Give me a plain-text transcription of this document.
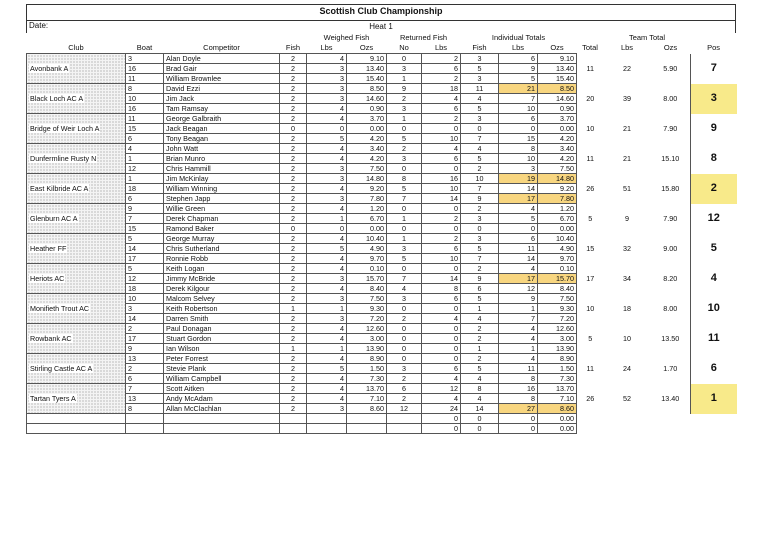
Scottish Club Championship
Heat 1
Date:
				Weighed Fish		Returned Fish		Individual Totals				Team Total		
Club	Boat	Competitor	Fish	Lbs	Ozs	No	Lbs	Fish	Lbs	Ozs	Total	Lbs	Ozs	Pos
Avonbank A	3	Alan Doyle	2	4	9.10	0	2	3	6	9.10	11	22	5.90	7
	16	Brad Gair	2	3	13.40	3	6	5	9	13.40				
	11	William Brownlee	2	3	15.40	1	2	3	5	15.40				
Black Loch AC A	8	David Ezzi	2	3	8.50	9	18	11	21	8.50	20	39	8.00	3
	10	Jim Jack	2	3	14.60	2	4	4	7	14.60				
	16	Tam Ramsay	2	4	0.90	3	6	5	10	0.90				
Bridge of Weir Loch A	11	George Galbraith	2	4	3.70	1	2	3	6	3.70	10	21	7.90	9
	15	Jack Beagan	0	0	0.00	0	0	0	0	0.00				
	6	Tony Beagan	2	5	4.20	5	10	7	15	4.20				
Dunfermline Rusty N	4	John Watt	2	4	3.40	2	4	4	8	3.40	11	21	15.10	8
	1	Brian Munro	2	4	4.20	3	6	5	10	4.20				
	12	Chris Hammill	2	3	7.50	0	0	2	3	7.50				
East Kilbride AC A	1	Jim McKinlay	2	3	14.80	8	16	10	19	14.80	26	51	15.80	2
	18	William Winning	2	4	9.20	5	10	7	14	9.20				
	6	Stephen Japp	2	3	7.80	7	14	9	17	7.80				
Glenburn AC A	9	Willie Green	2	4	1.20	0	0	2	4	1.20	5	9	7.90	12
	7	Derek Chapman	2	1	6.70	1	2	3	5	6.70				
	15	Ramond Baker	0	0	0.00	0	0	0	0	0.00				
Heather FF	5	George Murray	2	4	10.40	1	2	3	6	10.40	15	32	9.00	5
	14	Chris Sutherland	2	5	4.90	3	6	5	11	4.90				
	17	Ronnie Robb	2	4	9.70	5	10	7	14	9.70				
Heriots AC	5	Keith Logan	2	4	0.10	0	0	2	4	0.10	17	34	8.20	4
	12	Jimmy McBride	2	3	15.70	7	14	9	17	15.70				
	18	Derek Kilgour	2	4	8.40	4	8	6	12	8.40				
Monifieth Trout AC	10	Malcom Selvey	2	3	7.50	3	6	5	9	7.50	10	18	8.00	10
	3	Keith Robertson	1	1	9.30	0	0	1	1	9.30				
	14	Darren Smith	2	3	7.20	2	4	4	7	7.20				
Rowbank AC	2	Paul Donagan	2	4	12.60	0	0	2	4	12.60	5	10	13.50	11
	17	Stuart Gordon	2	4	3.00	0	0	2	4	3.00				
	9	Ian Wilson	1	1	13.90	0	0	1	1	13.90				
Stirling Castle AC A	13	Peter Forrest	2	4	8.90	0	0	2	4	8.90	11	24	1.70	6
	2	Stevie Plank	2	5	1.50	3	6	5	11	1.50				
	6	William Campbell	2	4	7.30	2	4	4	8	7.30				
Tartan Tyers A	7	Scott Aitken	2	4	13.70	6	12	8	16	13.70	26	52	13.40	1
	13	Andy McAdam	2	4	7.10	2	4	4	8	7.10				
	8	Allan McClachlan	2	3	8.60	12	24	14	27	8.60				
							0	0	0	0.00				
							0	0	0	0.00				
